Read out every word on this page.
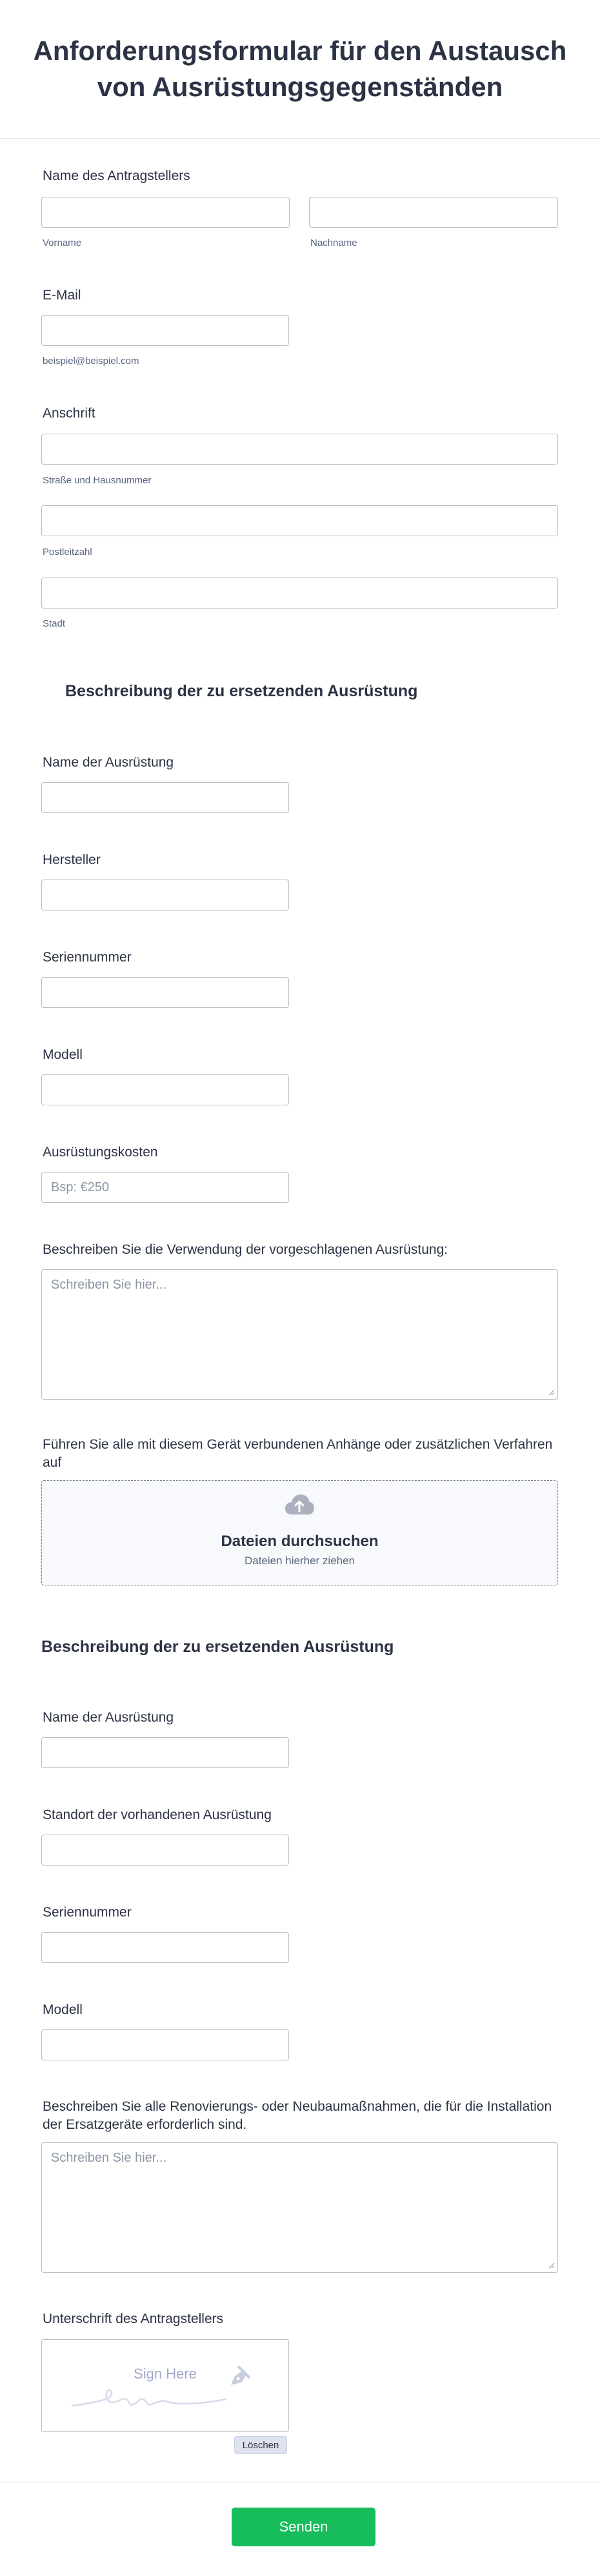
Anforderungsformular für den Austausch von Ausrüstungsgegenständen
Name des Antragstellers
Vorname	Nachname
E-Mail
beispiel@beispiel.com
Anschrift
Straße und Hausnummer
Postleitzahl
Stadt
Beschreibung der zu ersetzenden Ausrüstung
Name der Ausrüstung
Hersteller
Seriennummer
Modell
Ausrüstungskosten
Bsp: €250
Beschreiben Sie die Verwendung der vorgeschlagenen Ausrüstung:
Schreiben Sie hier...
Führen Sie alle mit diesem Gerät verbundenen Anhänge oder zusätzlichen Verfahren auf
Dateien durchsuchen
Dateien hierher ziehen
Beschreibung der zu ersetzenden Ausrüstung
Name der Ausrüstung
Standort der vorhandenen Ausrüstung
Seriennummer
Modell
Beschreiben Sie alle Renovierungs- oder Neubaumaßnahmen, die für die Installation der Ersatzgeräte erforderlich sind.
Schreiben Sie hier...
Unterschrift des Antragstellers
Sign Here
Löschen
Senden
